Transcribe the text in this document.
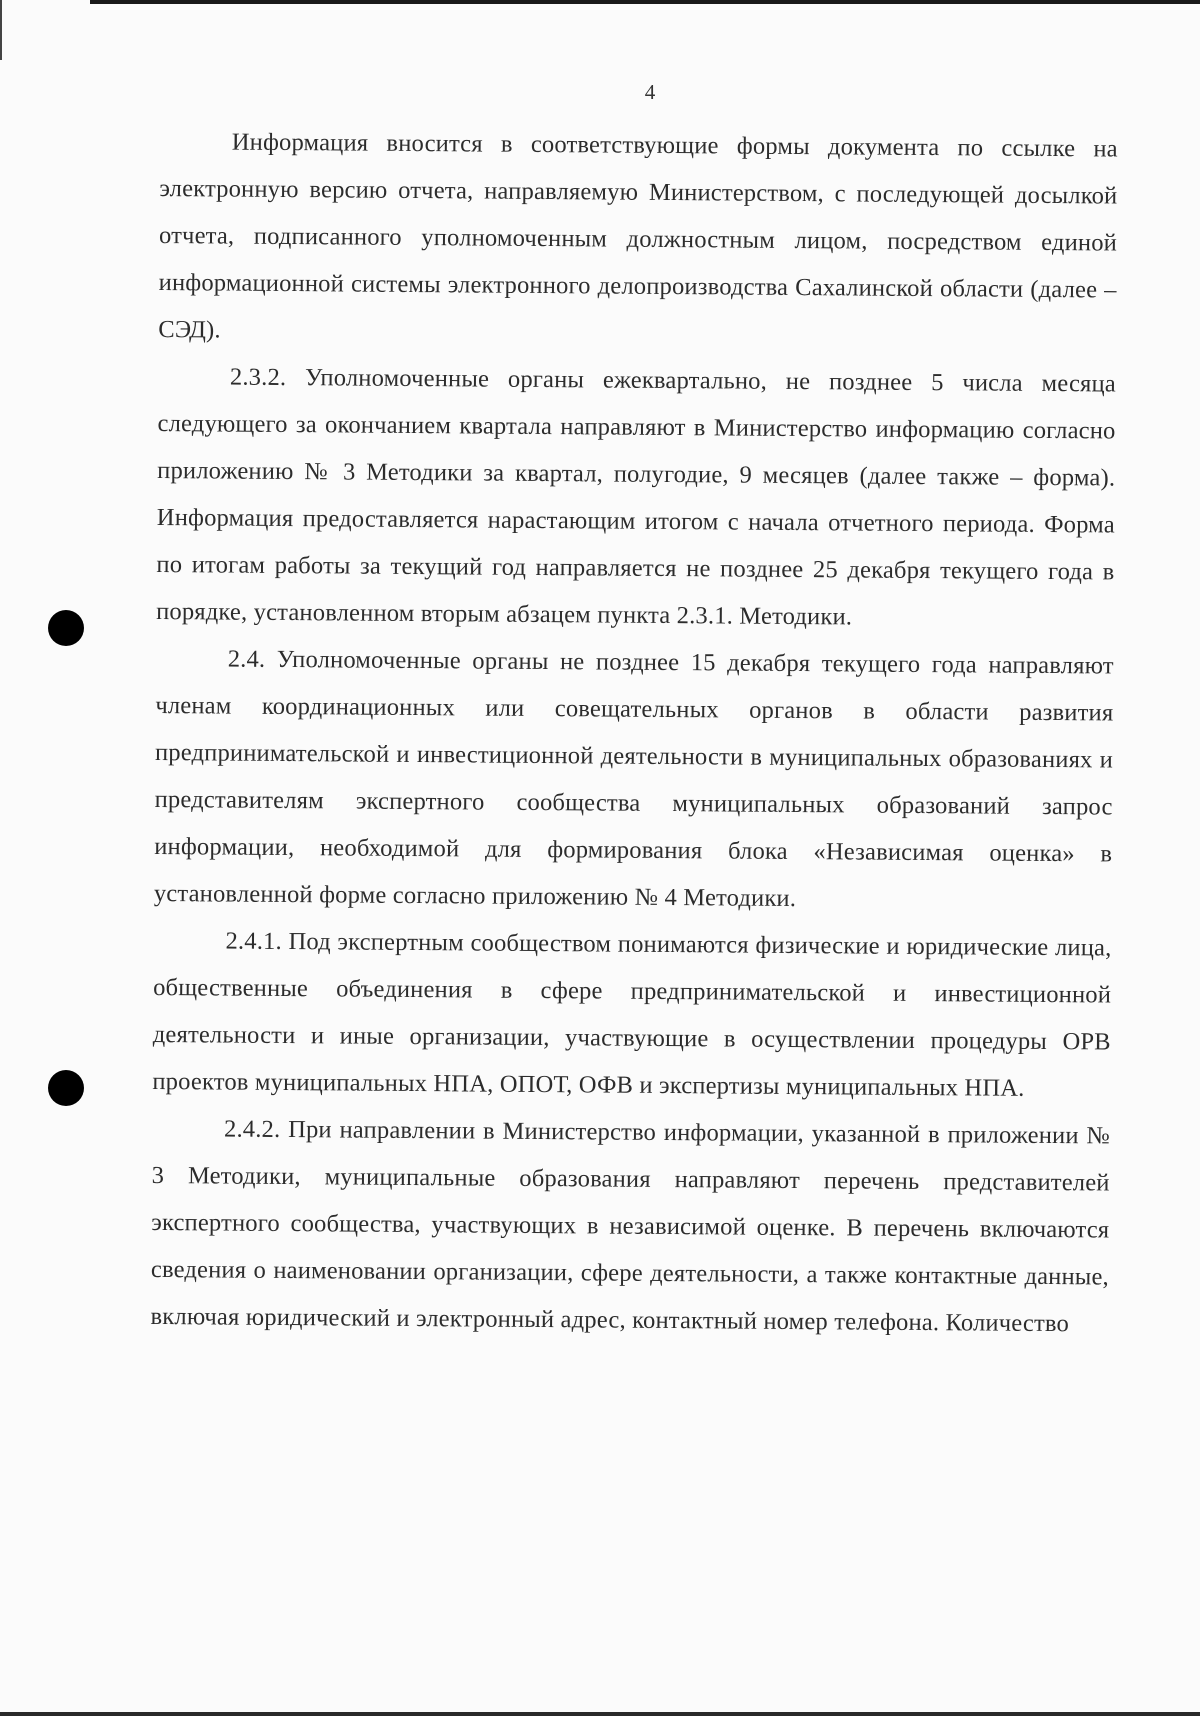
4

Информация вносится в соответствующие формы документа по ссылке на электронную версию отчета, направляемую Министерством, с последующей досылкой отчета, подписанного уполномоченным должностным лицом, посредством единой информационной системы электронного делопроизводства Сахалинской области (далее – СЭД).

2.3.2. Уполномоченные органы ежеквартально, не позднее 5 числа месяца следующего за окончанием квартала направляют в Министерство информацию согласно приложению № 3 Методики за квартал, полугодие, 9 месяцев (далее также – форма). Информация предоставляется нарастающим итогом с начала отчетного периода. Форма по итогам работы за текущий год направляется не позднее 25 декабря текущего года в порядке, установленном вторым абзацем пункта 2.3.1. Методики.

2.4. Уполномоченные органы не позднее 15 декабря текущего года направляют членам координационных или совещательных органов в области развития предпринимательской и инвестиционной деятельности в муниципальных образованиях и представителям экспертного сообщества муниципальных образований запрос информации, необходимой для формирования блока «Независимая оценка» в установленной форме согласно приложению № 4 Методики.

2.4.1. Под экспертным сообществом понимаются физические и юридические лица, общественные объединения в сфере предпринимательской и инвестиционной деятельности и иные организации, участвующие в осуществлении процедуры ОРВ проектов муниципальных НПА, ОПОТ, ОФВ и экспертизы муниципальных НПА.

2.4.2. При направлении в Министерство информации, указанной в приложении № 3 Методики, муниципальные образования направляют перечень представителей экспертного сообщества, участвующих в независимой оценке. В перечень включаются сведения о наименовании организации, сфере деятельности, а также контактные данные, включая юридический и электронный адрес, контактный номер телефона. Количество
